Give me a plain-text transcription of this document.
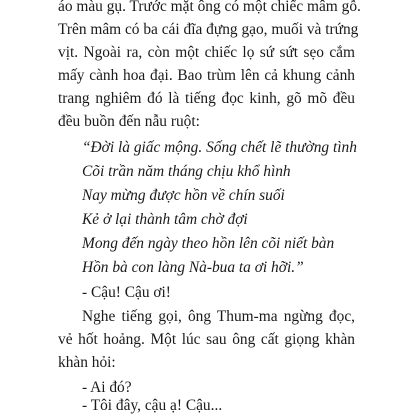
áo màu gụ. Trước mặt ông có một chiếc mâm gỗ.
Trên mâm có ba cái đĩa đựng gạo, muối và trứng
vịt. Ngoài ra, còn một chiếc lọ sứ sứt sẹo cắm
mấy cành hoa đại. Bao trùm lên cả khung cảnh
trang nghiêm đó là tiếng đọc kinh, gõ mõ đều
đều buồn đến nẫu ruột:
“Đời là giấc mộng. Sống chết lẽ thường tình
Cõi trần năm tháng chịu khổ hình
Nay mừng được hồn về chín suối
Kẻ ở lại thành tâm chờ đợi
Mong đến ngày theo hồn lên cõi niết bàn
Hồn bà con làng Nà-bua ta ơi hỡi.”
- Cậu! Cậu ơi!
Nghe tiếng gọi, ông Thum-ma ngừng đọc,
vẻ hốt hoảng. Một lúc sau ông cất giọng khàn
khàn hỏi:
- Ai đó?
- Tôi đây, cậu ạ! Cậu...
